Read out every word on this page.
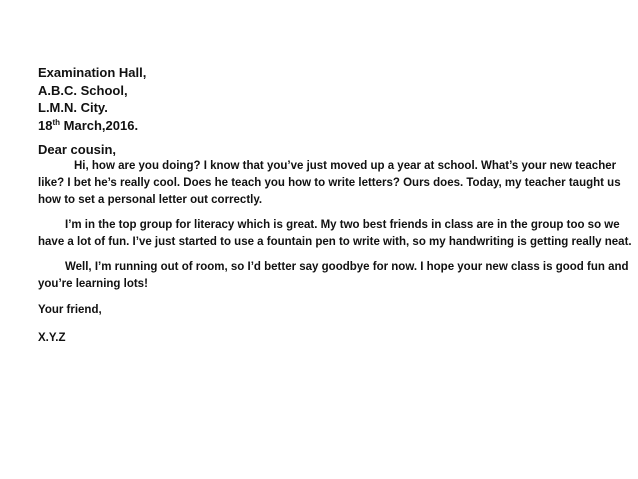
Examination Hall,
A.B.C. School,
L.M.N. City.
18th March,2016.
Dear cousin,

Hi, how are you doing? I know that you’ve just moved up a year at school. What’s your new teacher like? I bet he’s really cool. Does he teach you how to write letters? Ours does. Today, my teacher taught us how to set a personal letter out correctly.

I’m in the top group for literacy which is great. My two best friends in class are in the group too so we have a lot of fun. I’ve just started to use a fountain pen to write with, so my handwriting is getting really neat.

Well, I’m running out of room, so I’d better say goodbye for now. I hope your new class is good fun and you’re learning lots!

Your friend,
X.Y.Z
